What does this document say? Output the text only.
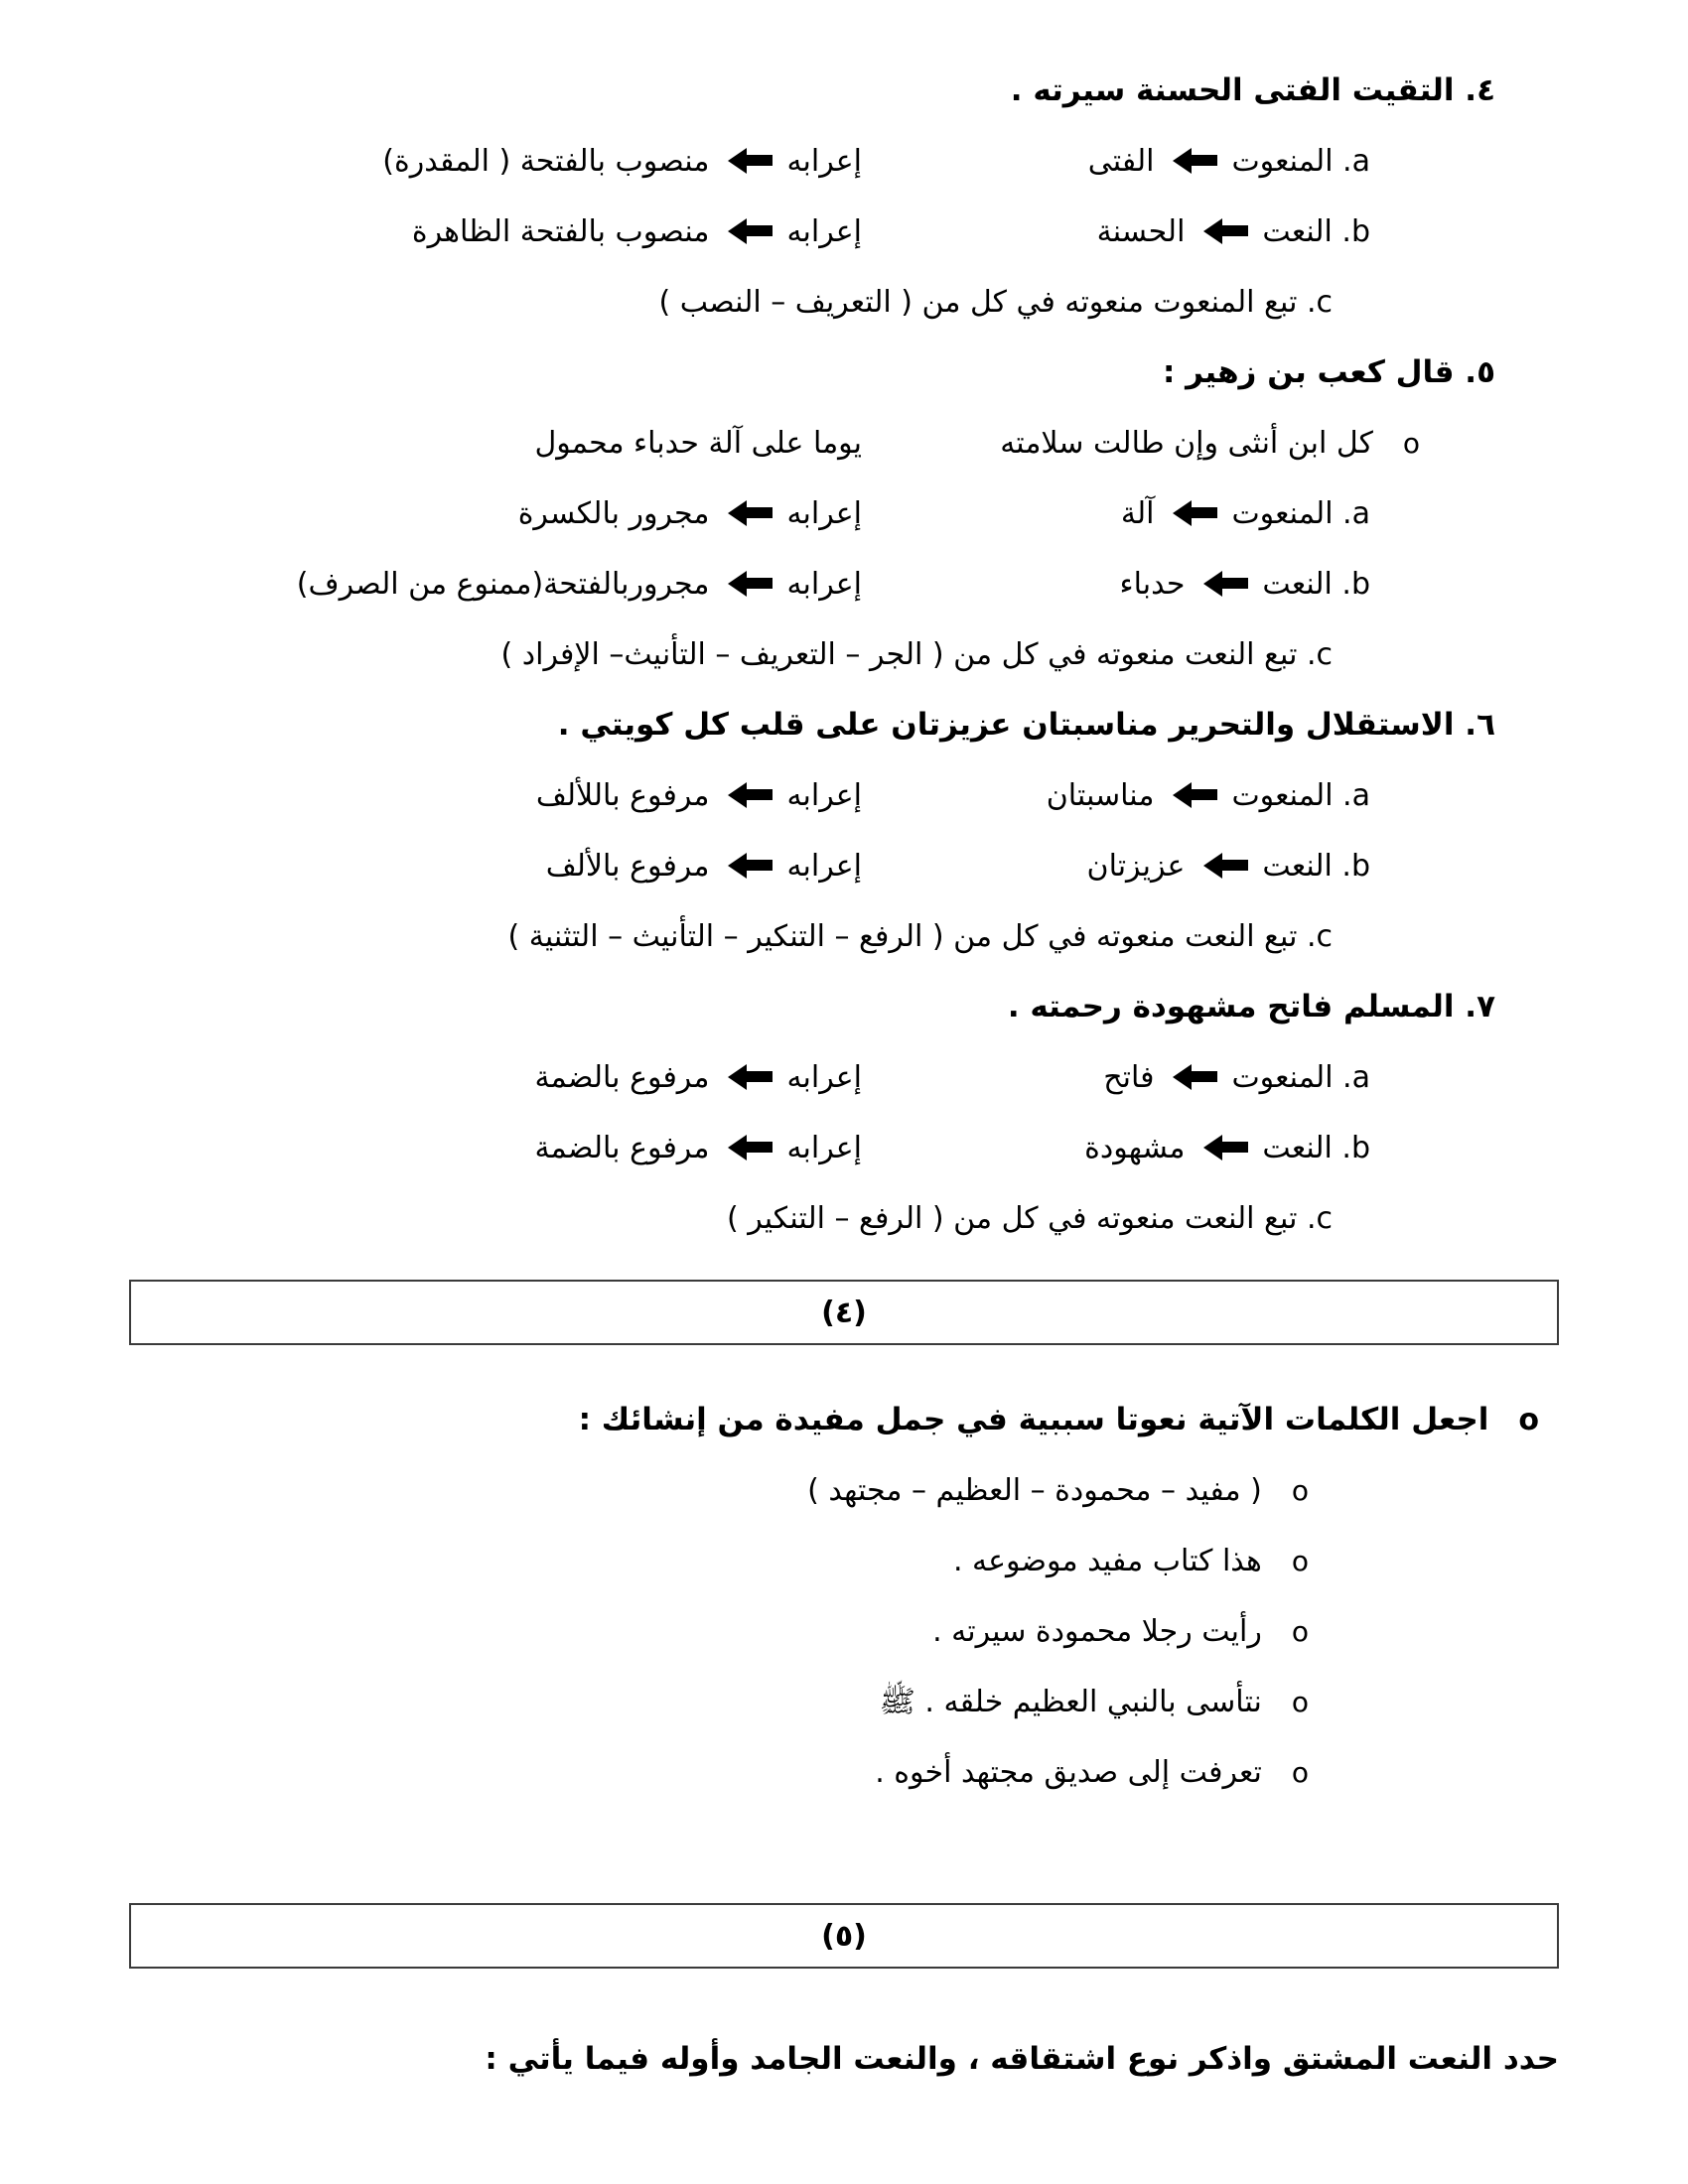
٤. التقيت الفتى الحسنة سيرته .
a. المنعوتالفتى
إعرابهمنصوب بالفتحة ( المقدرة)
b. النعتالحسنة
إعرابهمنصوب بالفتحة الظاهرة
c. تبع المنعوت منعوته في كل من ( التعريف – النصب )
٥. قال كعب بن زهير :
oكل ابن أنثى وإن طالت سلامته
يوما على آلة حدباء محمول
a. المنعوتآلة
إعرابهمجرور بالكسرة
b. النعتحدباء
إعرابهمجروربالفتحة(ممنوع من الصرف)
c. تبع النعت منعوته في كل من ( الجر – التعريف – التأنيث– الإفراد )
٦. الاستقلال والتحرير مناسبتان عزيزتان على قلب كل كويتي .
a. المنعوتمناسبتان
إعرابهمرفوع باللألف
b. النعتعزيزتان
إعرابهمرفوع بالألف
c. تبع النعت منعوته في كل من ( الرفع – التنكير – التأنيث – التثنية )
٧. المسلم فاتح مشهودة رحمته .
a. المنعوتفاتح
إعرابهمرفوع بالضمة
b. النعتمشهودة
إعرابهمرفوع بالضمة
c. تبع النعت منعوته في كل من ( الرفع – التنكير )
(٤)
oاجعل الكلمات الآتية نعوتا سببية في جمل مفيدة من إنشائك :
o( مفيد – محمودة – العظيم – مجتهد )
oهذا كتاب مفيد موضوعه .
oرأيت رجلا محمودة سيرته .
oنتأسى بالنبي العظيم خلقه . ﷺ
oتعرفت إلى صديق مجتهد أخوه .
(٥)
حدد النعت المشتق واذكر نوع اشتقاقه ، والنعت الجامد وأوله فيما يأتي :
